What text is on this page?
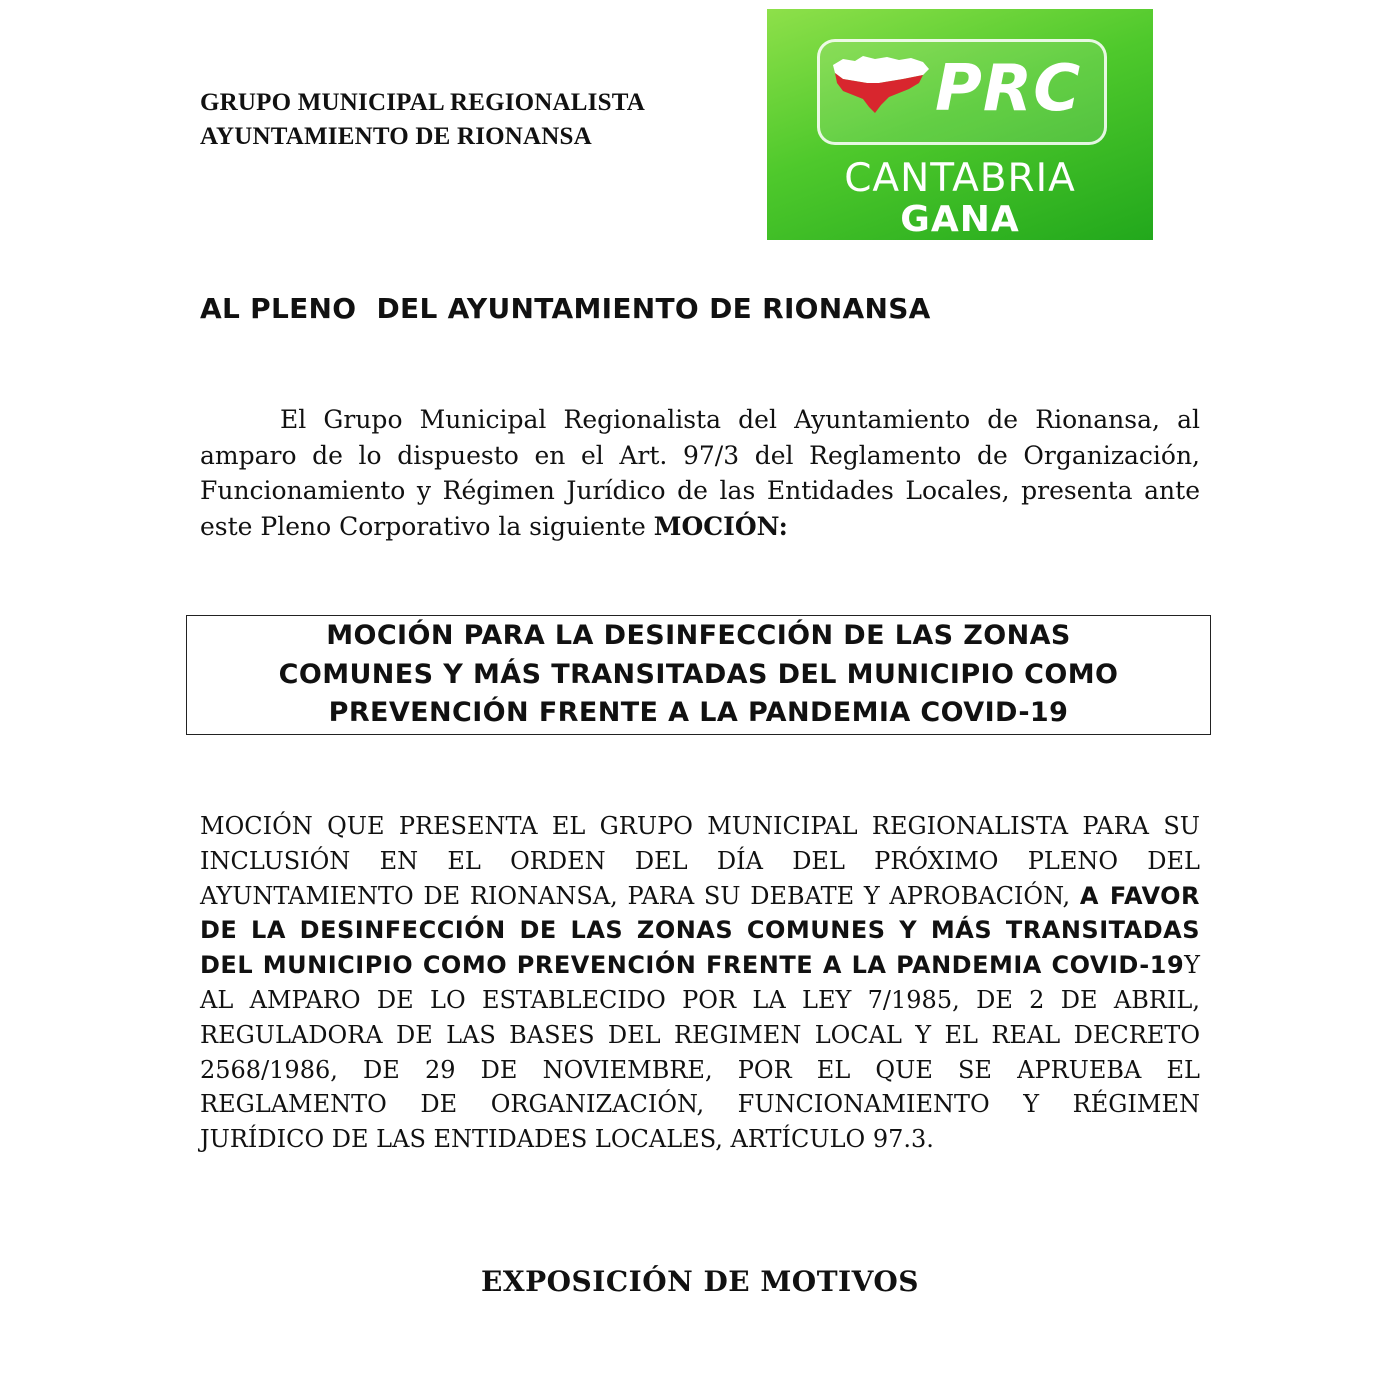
GRUPO MUNICIPAL REGIONALISTA
AYUNTAMIENTO DE RIONANSA
PRC
CANTABRIA
GANA
AL PLENO  DEL AYUNTAMIENTO DE RIONANSA
El Grupo Municipal Regionalista del Ayuntamiento de Rionansa, al amparo de lo dispuesto en el Art. 97/3 del Reglamento de Organización, Funcionamiento y Régimen Jurídico de las Entidades Locales, presenta ante este Pleno Corporativo la siguiente MOCIÓN:
MOCIÓN PARA LA DESINFECCIÓN DE LAS ZONAS
COMUNES Y MÁS TRANSITADAS DEL MUNICIPIO COMO
PREVENCIÓN FRENTE A LA PANDEMIA COVID-19
MOCIÓN QUE PRESENTA EL GRUPO MUNICIPAL REGIONALISTA PARA SU INCLUSIÓN EN EL ORDEN DEL DÍA DEL PRÓXIMO PLENO DEL AYUNTAMIENTO DE RIONANSA, PARA SU DEBATE Y APROBACIÓN, A FAVOR DE LA DESINFECCIÓN DE LAS ZONAS COMUNES Y MÁS TRANSITADAS DEL MUNICIPIO COMO PREVENCIÓN FRENTE A LA PANDEMIA COVID-19Y AL AMPARO DE LO ESTABLECIDO POR LA LEY 7/1985, DE 2 DE ABRIL, REGULADORA DE LAS BASES DEL REGIMEN LOCAL Y EL REAL DECRETO 2568/1986, DE 29 DE NOVIEMBRE, POR EL QUE SE APRUEBA EL REGLAMENTO DE ORGANIZACIÓN, FUNCIONAMIENTO Y RÉGIMEN JURÍDICO DE LAS ENTIDADES LOCALES, ARTÍCULO 97.3.
EXPOSICIÓN DE MOTIVOS
